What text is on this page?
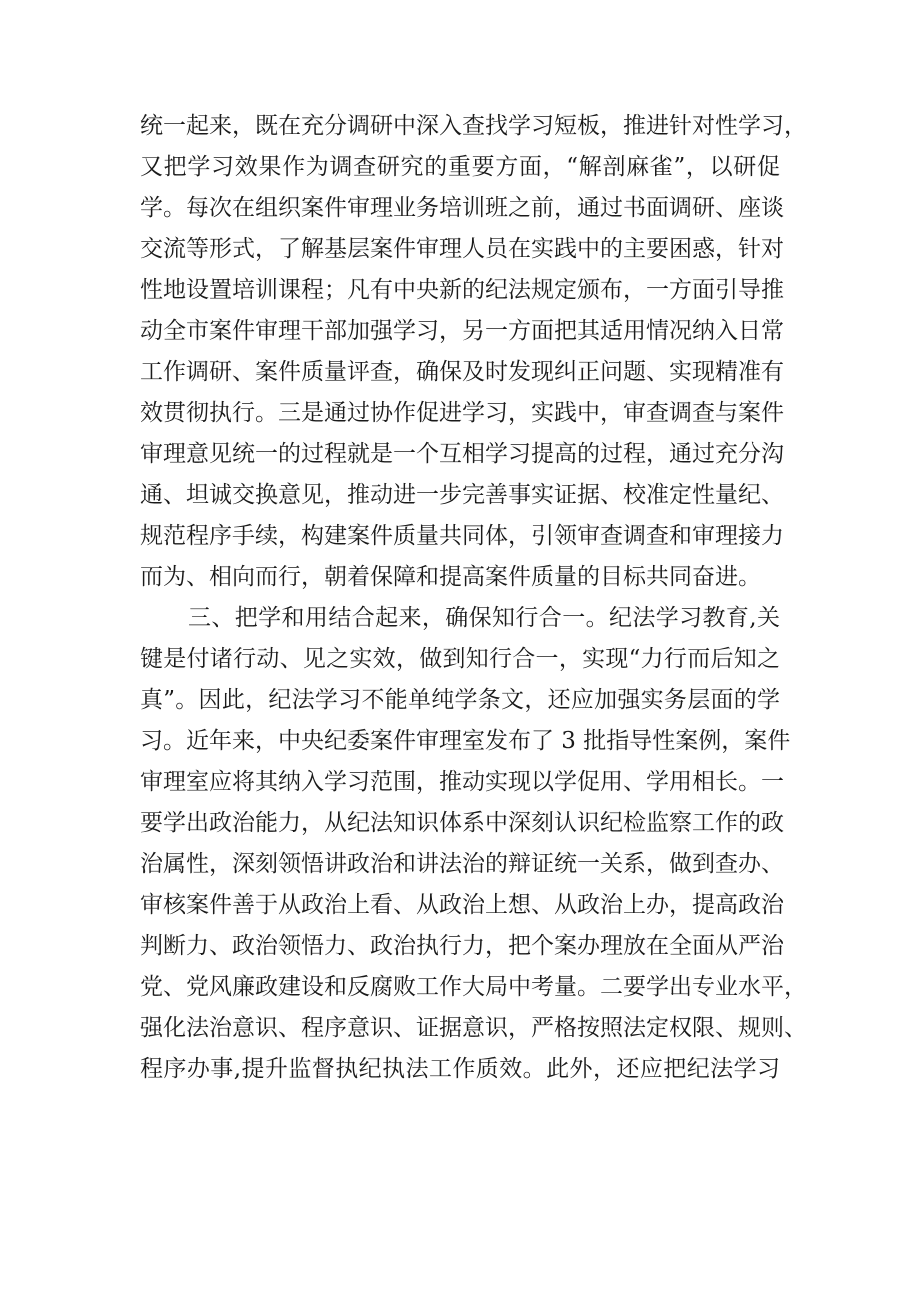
统一起来，既在充分调研中深入查找学习短板，推进针对性学习，
又把学习效果作为调查研究的重要方面，“解剖麻雀”，以研促
学。每次在组织案件审理业务培训班之前，通过书面调研、座谈
交流等形式，了解基层案件审理人员在实践中的主要困惑，针对
性地设置培训课程；凡有中央新的纪法规定颁布，一方面引导推
动全市案件审理干部加强学习，另一方面把其适用情况纳入日常
工作调研、案件质量评查，确保及时发现纠正问题、实现精准有
效贯彻执行。三是通过协作促进学习，实践中，审查调查与案件
审理意见统一的过程就是一个互相学习提高的过程，通过充分沟
通、坦诚交换意见，推动进一步完善事实证据、校准定性量纪、
规范程序手续，构建案件质量共同体，引领审查调查和审理接力
而为、相向而行，朝着保障和提高案件质量的目标共同奋进。
三、把学和用结合起来，确保知行合一。纪法学习教育,关
键是付诸行动、见之实效，做到知行合一，实现“力行而后知之
真”。因此，纪法学习不能单纯学条文，还应加强实务层面的学
习。近年来，中央纪委案件审理室发布了 3 批指导性案例，案件
审理室应将其纳入学习范围，推动实现以学促用、学用相长。一
要学出政治能力，从纪法知识体系中深刻认识纪检监察工作的政
治属性，深刻领悟讲政治和讲法治的辩证统一关系，做到查办、
审核案件善于从政治上看、从政治上想、从政治上办，提高政治
判断力、政治领悟力、政治执行力，把个案办理放在全面从严治
党、党风廉政建设和反腐败工作大局中考量。二要学出专业水平，
强化法治意识、程序意识、证据意识，严格按照法定权限、规则、
程序办事,提升监督执纪执法工作质效。此外，还应把纪法学习
